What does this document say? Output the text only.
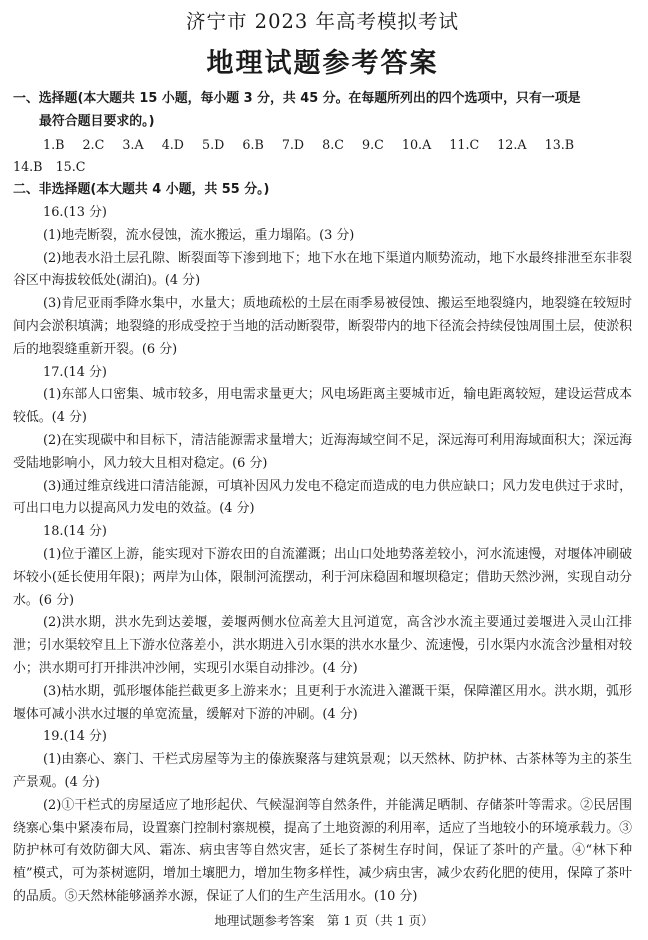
济宁市 2023 年高考模拟考试
地理试题参考答案
一、选择题(本大题共 15 小题，每小题 3 分，共 45 分。在每题所列出的四个选项中，只有一项是
最符合题目要求的。)
1.B 2.C 3.A 4.D 5.D 6.B 7.D 8.C 9.C 10.A 11.C 12.A 13.B
14.B 15.C
二、非选择题(本大题共 4 小题，共 55 分。)
16.(13 分)

(1)地壳断裂，流水侵蚀，流水搬运，重力塌陷。(3 分)

(2)地表水沿土层孔隙、断裂面等下渗到地下；地下水在地下渠道内顺势流动，地下水最终排泄至东非裂谷区中海拔较低处(湖泊)。(4 分)

(3)肯尼亚雨季降水集中，水量大；质地疏松的土层在雨季易被侵蚀、搬运至地裂缝内，地裂缝在较短时间内会淤积填满；地裂缝的形成受控于当地的活动断裂带，断裂带内的地下径流会持续侵蚀周围土层，使淤积后的地裂缝重新开裂。(6 分)

17.(14 分)

(1)东部人口密集、城市较多，用电需求量更大；风电场距离主要城市近，输电距离较短，建设运营成本较低。(4 分)

(2)在实现碳中和目标下，清洁能源需求量增大；近海海域空间不足，深远海可利用海域面积大；深远海受陆地影响小，风力较大且相对稳定。(6 分)

(3)通过维京线进口清洁能源，可填补因风力发电不稳定而造成的电力供应缺口；风力发电供过于求时，可出口电力以提高风力发电的效益。(4 分)

18.(14 分)

(1)位于灌区上游，能实现对下游农田的自流灌溉；出山口处地势落差较小，河水流速慢，对堰体冲刷破坏较小(延长使用年限)；两岸为山体，限制河流摆动，利于河床稳固和堰坝稳定；借助天然沙洲，实现自动分水。(6 分)

(2)洪水期，洪水先到达姜堰，姜堰两侧水位高差大且河道宽，高含沙水流主要通过姜堰进入灵山江排泄；引水渠较窄且上下游水位落差小，洪水期进入引水渠的洪水水量少、流速慢，引水渠内水流含沙量相对较小；洪水期可打开排洪冲沙闸，实现引水渠自动排沙。(4 分)

(3)枯水期，弧形堰体能拦截更多上游来水；且更利于水流进入灌溉干渠，保障灌区用水。洪水期，弧形堰体可减小洪水过堰的单宽流量，缓解对下游的冲刷。(4 分)

19.(14 分)

(1)由寨心、寨门、干栏式房屋等为主的傣族聚落与建筑景观；以天然林、防护林、古茶林等为主的茶生产景观。(4 分)

(2)①干栏式的房屋适应了地形起伏、气候湿润等自然条件，并能满足晒制、存储茶叶等需求。②民居围绕寨心集中紧凑布局，设置寨门控制村寨规模，提高了土地资源的利用率，适应了当地较小的环境承载力。③防护林可有效防御大风、霜冻、病虫害等自然灾害，延长了茶树生存时间，保证了茶叶的产量。④“林下种植”模式，可为茶树遮阴，增加土壤肥力，增加生物多样性，减少病虫害，减少农药化肥的使用，保障了茶叶的品质。⑤天然林能够涵养水源，保证了人们的生产生活用水。(10 分)

地理试题参考答案　第 1 页（共 1 页）
